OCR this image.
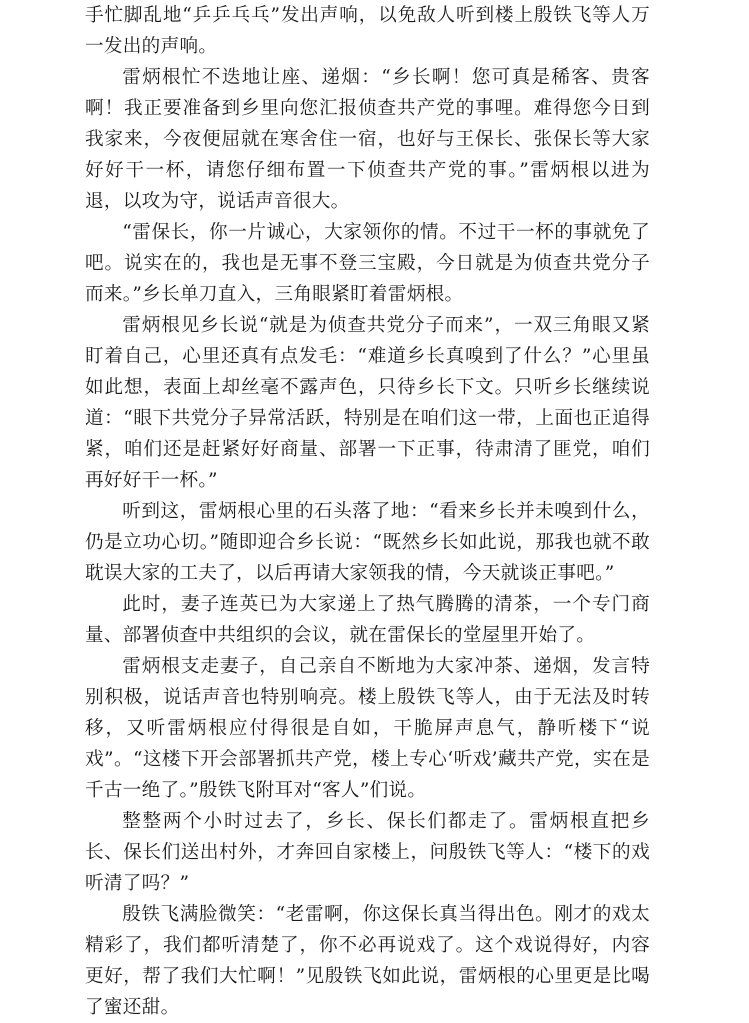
手忙脚乱地“乒乒乓乓”发出声响，以免敌人听到楼上殷铁飞等人万一发出的声响。

雷炳根忙不迭地让座、递烟：“乡长啊！您可真是稀客、贵客啊！我正要准备到乡里向您汇报侦查共产党的事哩。难得您今日到我家来，今夜便屈就在寒舍住一宿，也好与王保长、张保长等大家好好干一杯，请您仔细布置一下侦查共产党的事。”雷炳根以进为退，以攻为守，说话声音很大。

“雷保长，你一片诚心，大家领你的情。不过干一杯的事就免了吧。说实在的，我也是无事不登三宝殿，今日就是为侦查共党分子而来。”乡长单刀直入，三角眼紧盯着雷炳根。

雷炳根见乡长说“就是为侦查共党分子而来”，一双三角眼又紧盯着自己，心里还真有点发毛：“难道乡长真嗅到了什么？”心里虽如此想，表面上却丝毫不露声色，只待乡长下文。只听乡长继续说道：“眼下共党分子异常活跃，特别是在咱们这一带，上面也正追得紧，咱们还是赶紧好好商量、部署一下正事，待肃清了匪党，咱们再好好干一杯。”

听到这，雷炳根心里的石头落了地：“看来乡长并未嗅到什么，仍是立功心切。”随即迎合乡长说：“既然乡长如此说，那我也就不敢耽误大家的工夫了，以后再请大家领我的情，今天就谈正事吧。”

此时，妻子连英已为大家递上了热气腾腾的清茶，一个专门商量、部署侦查中共组织的会议，就在雷保长的堂屋里开始了。

雷炳根支走妻子，自己亲自不断地为大家冲茶、递烟，发言特别积极，说话声音也特别响亮。楼上殷铁飞等人，由于无法及时转移，又听雷炳根应付得很是自如，干脆屏声息气，静听楼下“说戏”。“这楼下开会部署抓共产党，楼上专心‘听戏’藏共产党，实在是千古一绝了。”殷铁飞附耳对“客人”们说。

整整两个小时过去了，乡长、保长们都走了。雷炳根直把乡长、保长们送出村外，才奔回自家楼上，问殷铁飞等人：“楼下的戏听清了吗？”

殷铁飞满脸微笑：“老雷啊，你这保长真当得出色。刚才的戏太精彩了，我们都听清楚了，你不必再说戏了。这个戏说得好，内容更好，帮了我们大忙啊！”见殷铁飞如此说，雷炳根的心里更是比喝了蜜还甜。
